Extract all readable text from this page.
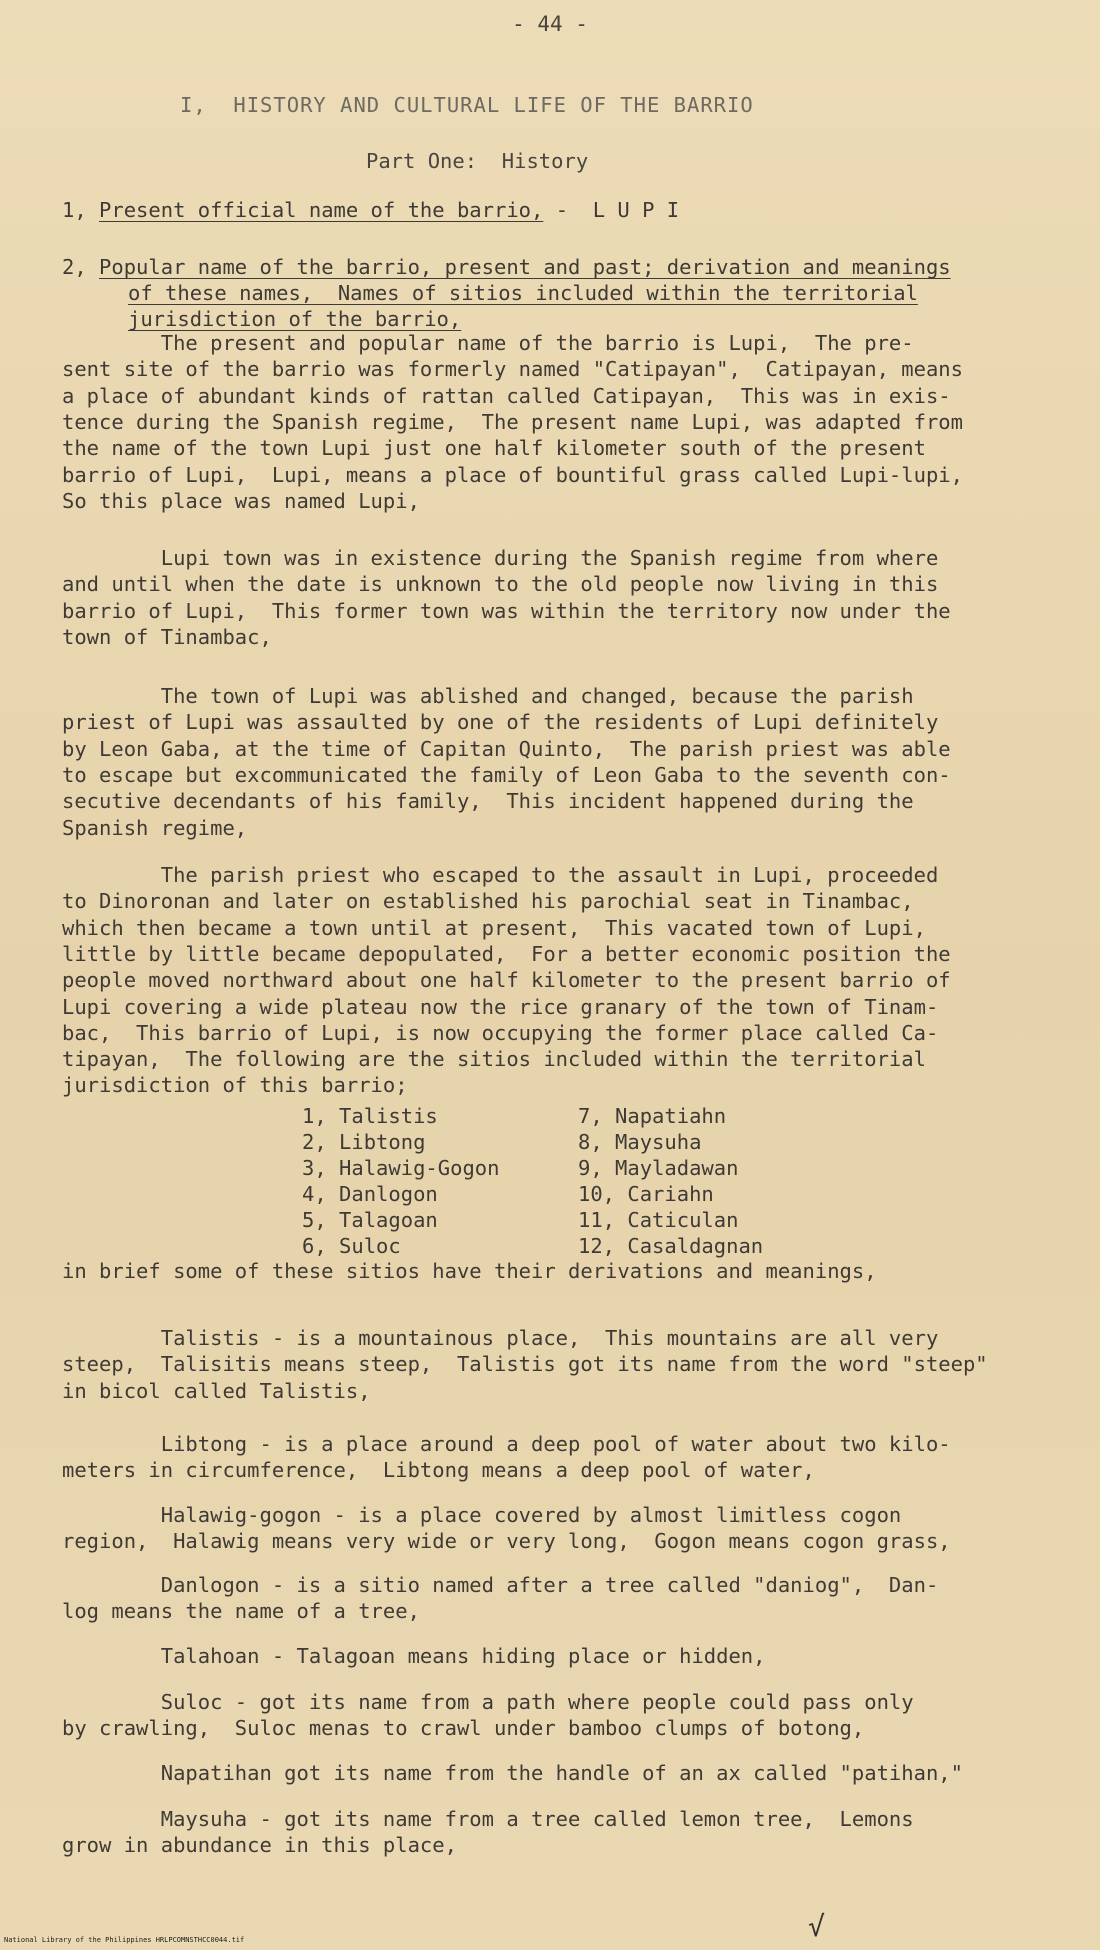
- 44 -
I,  HISTORY AND CULTURAL LIFE OF THE BARRIO
Part One:  History
1, Present official name of the barrio, -  L U P I
2, Popular name of the barrio, present and past; derivation and meanings
of these names,  Names of sitios included within the territorial
jurisdiction of the barrio,
The present and popular name of the barrio is Lupi,  The pre-
sent site of the barrio was formerly named "Catipayan",  Catipayan, means
a place of abundant kinds of rattan called Catipayan,  This was in exis-
tence during the Spanish regime,  The present name Lupi, was adapted from
the name of the town Lupi just one half kilometer south of the present
barrio of Lupi,  Lupi, means a place of bountiful grass called Lupi-lupi,
So this place was named Lupi,
Lupi town was in existence during the Spanish regime from where
and until when the date is unknown to the old people now living in this
barrio of Lupi,  This former town was within the territory now under the
town of Tinambac,
The town of Lupi was ablished and changed, because the parish
priest of Lupi was assaulted by one of the residents of Lupi definitely
by Leon Gaba, at the time of Capitan Quinto,  The parish priest was able
to escape but excommunicated the family of Leon Gaba to the seventh con-
secutive decendants of his family,  This incident happened during the
Spanish regime,
The parish priest who escaped to the assault in Lupi, proceeded
to Dinoronan and later on established his parochial seat in Tinambac,
which then became a town until at present,  This vacated town of Lupi,
little by little became depopulated,  For a better economic position the
people moved northward about one half kilometer to the present barrio of
Lupi covering a wide plateau now the rice granary of the town of Tinam-
bac,  This barrio of Lupi, is now occupying the former place called Ca-
tipayan,  The following are the sitios included within the territorial
jurisdiction of this barrio;
1, Talistis
2, Libtong
3, Halawig-Gogon
4, Danlogon
5, Talagoan
6, Suloc
7, Napatiahn
8, Maysuha
9, Mayladawan
10, Cariahn
11, Caticulan
12, Casaldagnan
in brief some of these sitios have their derivations and meanings,
Talistis - is a mountainous place,  This mountains are all very
steep,  Talisitis means steep,  Talistis got its name from the word "steep"
in bicol called Talistis,
Libtong - is a place around a deep pool of water about two kilo-
meters in circumference,  Libtong means a deep pool of water,
Halawig-gogon - is a place covered by almost limitless cogon
region,  Halawig means very wide or very long,  Gogon means cogon grass,
Danlogon - is a sitio named after a tree called "daniog",  Dan-
log means the name of a tree,
Talahoan - Talagoan means hiding place or hidden,
Suloc - got its name from a path where people could pass only
by crawling,  Suloc menas to crawl under bamboo clumps of botong,
Napatihan got its name from the handle of an ax called "patihan,"
Maysuha - got its name from a tree called lemon tree,  Lemons
grow in abundance in this place,
√
National Library of the Philippines HRLPCOMNSTHCC0044.tif
